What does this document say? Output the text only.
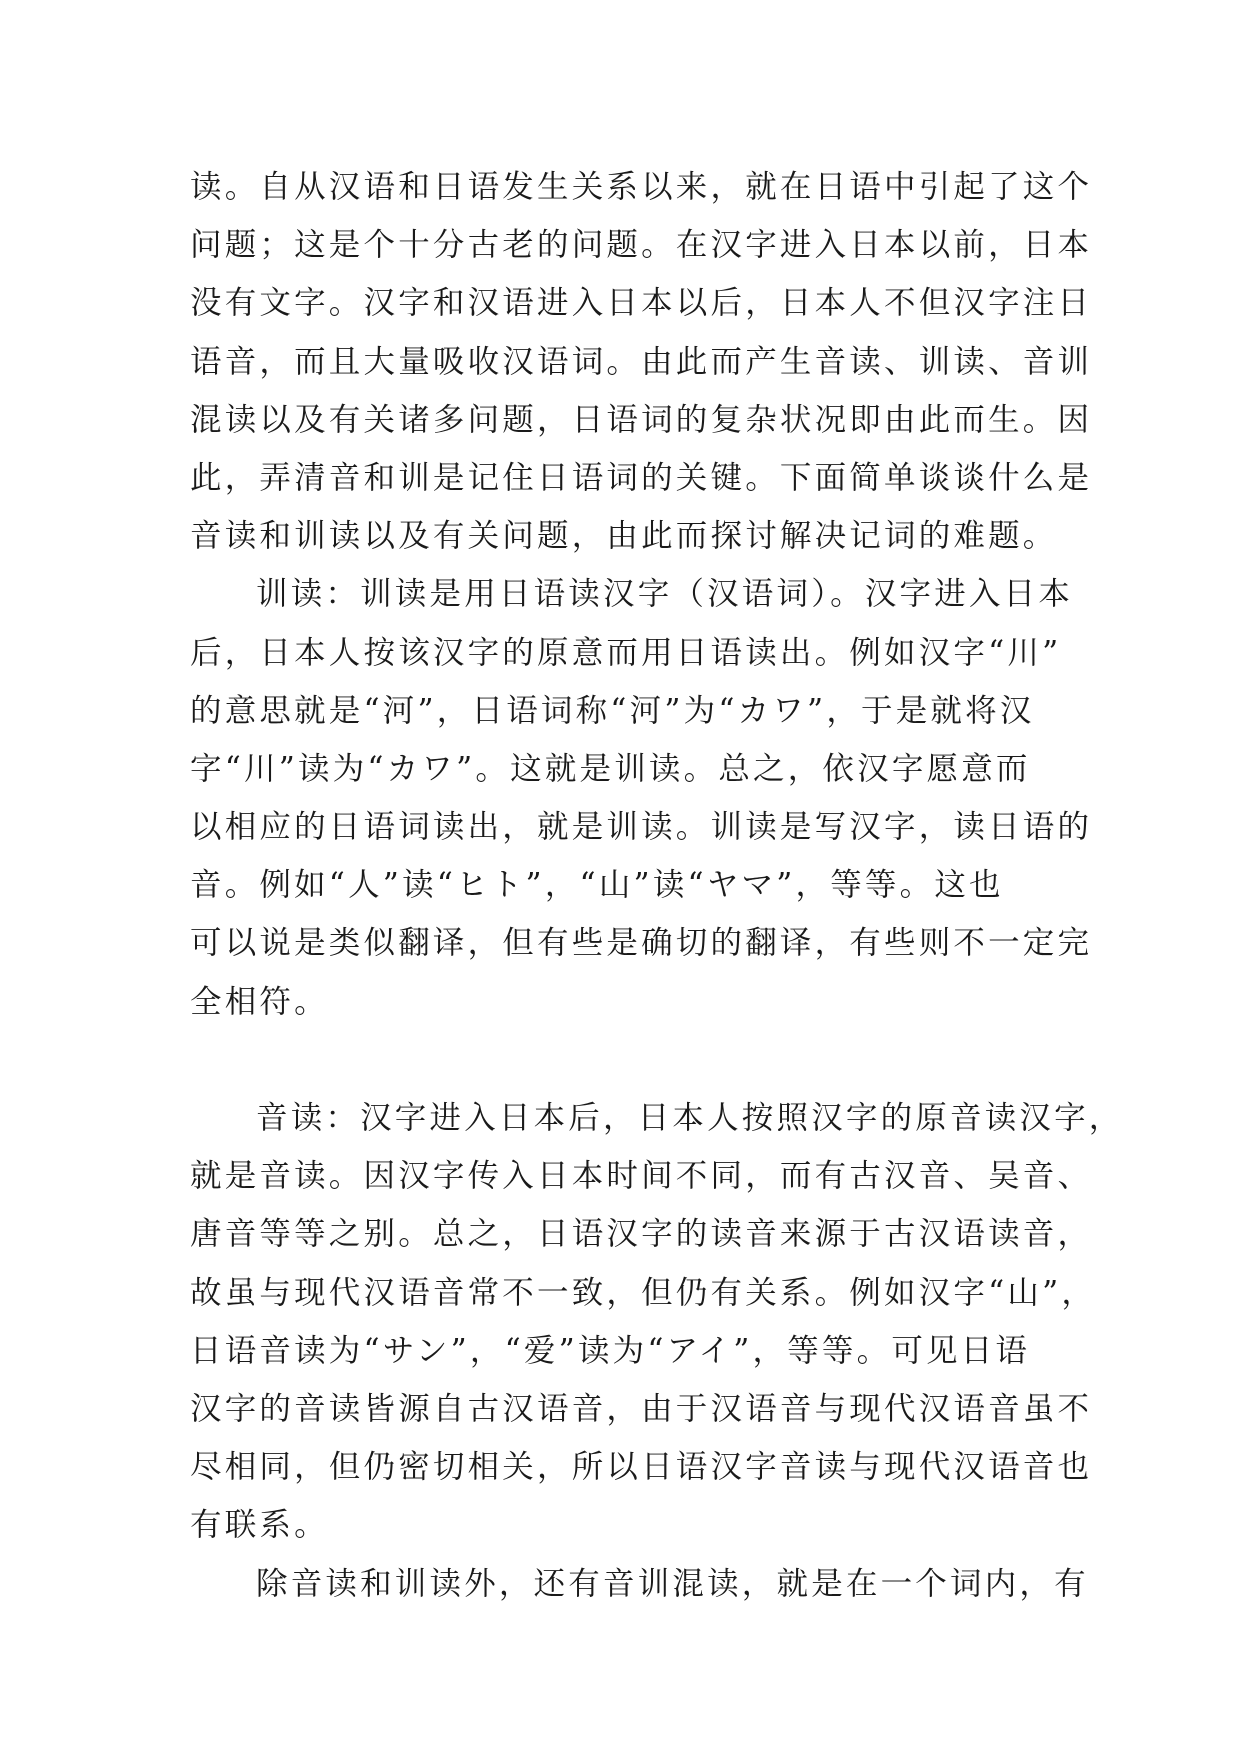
读。自从汉语和日语发生关系以来，就在日语中引起了这个
问题；这是个十分古老的问题。在汉字进入日本以前，日本
没有文字。汉字和汉语进入日本以后，日本人不但汉字注日
语音，而且大量吸收汉语词。由此而产生音读、训读、音训
混读以及有关诸多问题，日语词的复杂状况即由此而生。因
此，弄清音和训是记住日语词的关键。下面简单谈谈什么是
音读和训读以及有关问题，由此而探讨解决记词的难题。
训读：训读是用日语读汉字（汉语词）。汉字进入日本
后，日本人按该汉字的原意而用日语读出。例如汉字“川”
的意思就是“河”，日语词称“河”为“カワ”，于是就将汉
字“川”读为“カワ”。这就是训读。总之，依汉字愿意而
以相应的日语词读出，就是训读。训读是写汉字，读日语的
音。例如“人”读“ヒト”，“山”读“ヤマ”，等等。这也
可以说是类似翻译，但有些是确切的翻译，有些则不一定完
全相符。
音读：汉字进入日本后，日本人按照汉字的原音读汉字，
就是音读。因汉字传入日本时间不同，而有古汉音、吴音、
唐音等等之别。总之，日语汉字的读音来源于古汉语读音，
故虽与现代汉语音常不一致，但仍有关系。例如汉字“山”，
日语音读为“サン”，“爱”读为“アイ”，等等。可见日语
汉字的音读皆源自古汉语音，由于汉语音与现代汉语音虽不
尽相同，但仍密切相关，所以日语汉字音读与现代汉语音也
有联系。
除音读和训读外，还有音训混读，就是在一个词内，有
